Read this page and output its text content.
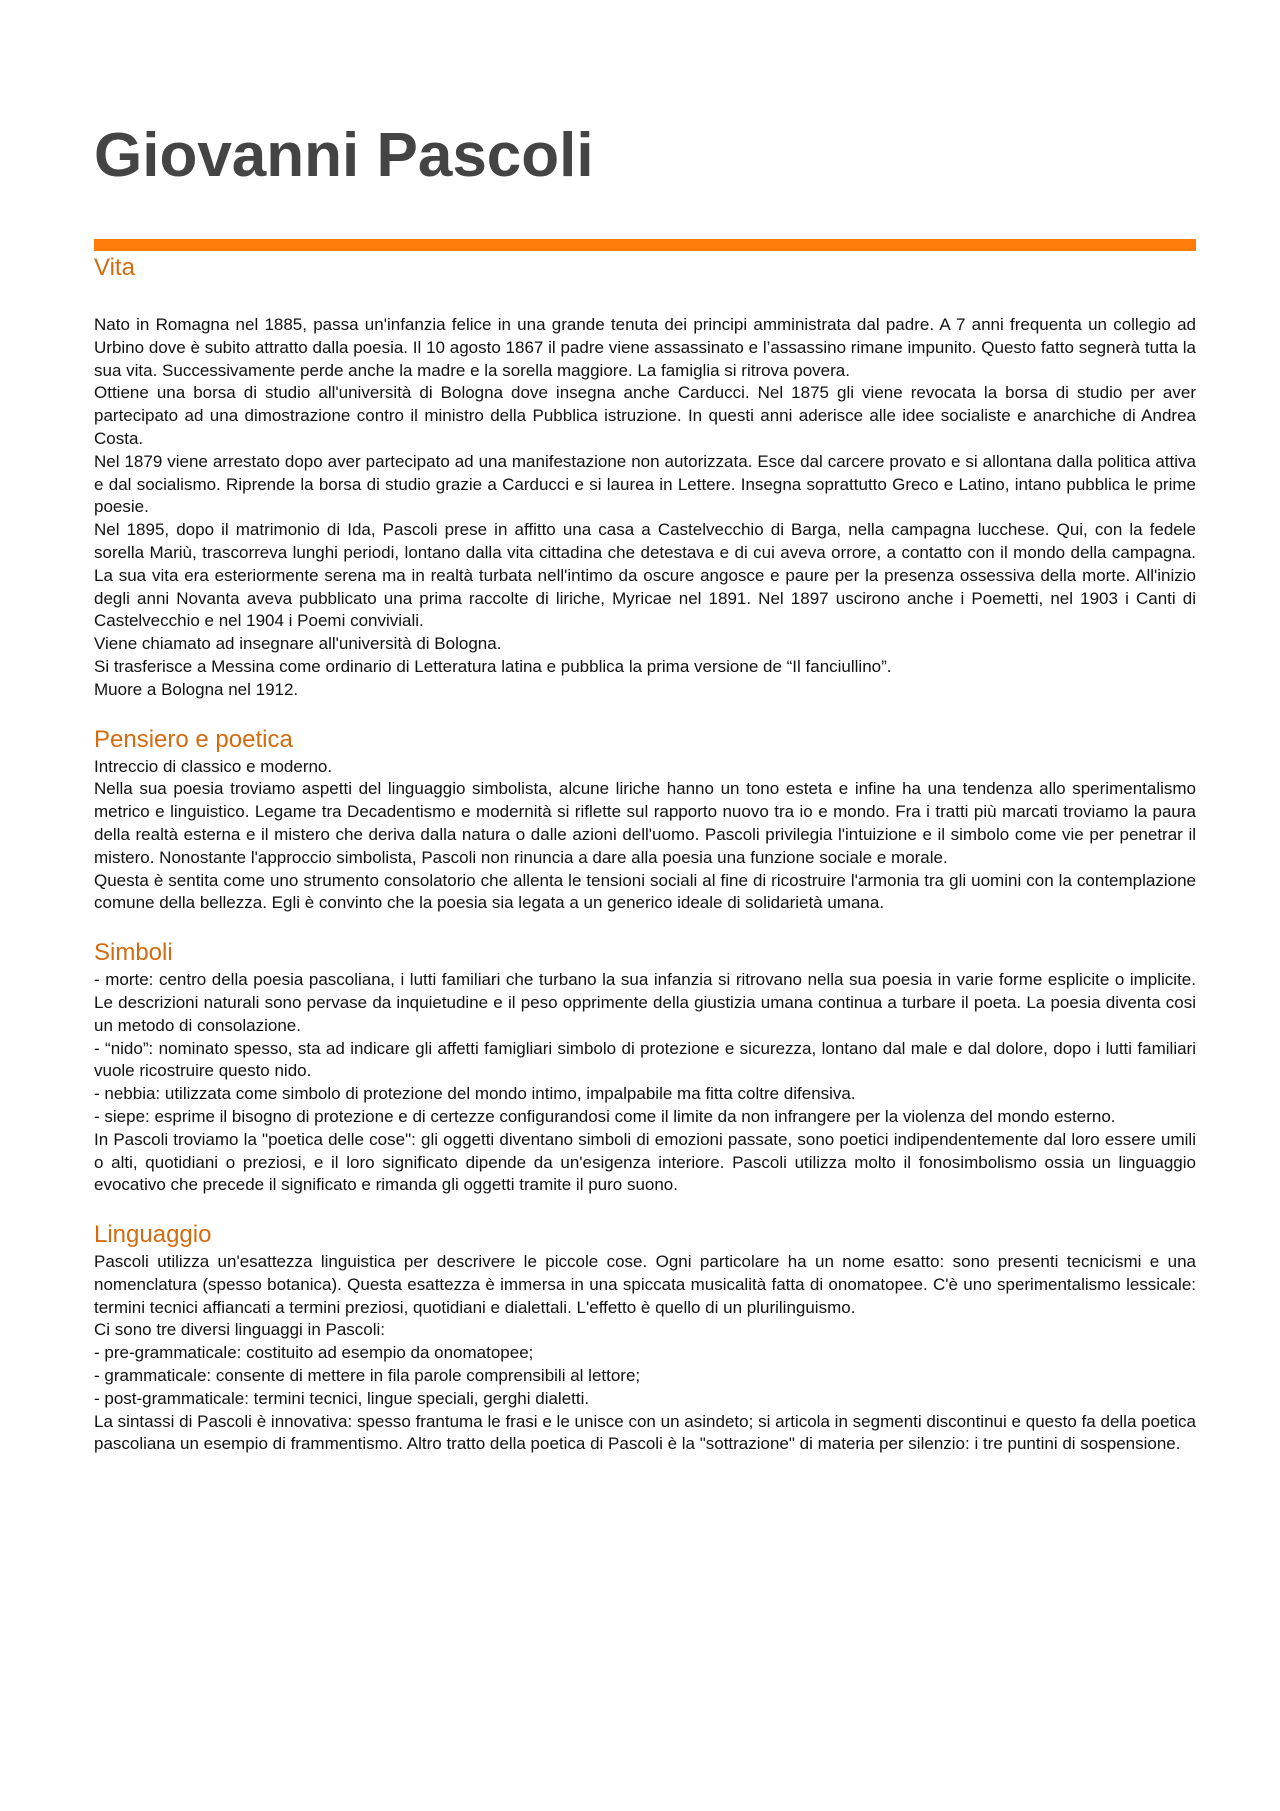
Giovanni Pascoli
Vita

Nato in Romagna nel 1885, passa un'infanzia felice in una grande tenuta dei principi amministrata dal padre. A 7 anni frequenta un collegio ad Urbino dove è subito attratto dalla poesia. Il 10 agosto 1867 il padre viene assassinato e l’assassino rimane impunito. Questo fatto segnerà tutta la sua vita. Successivamente perde anche la madre e la sorella maggiore. La famiglia si ritrova povera.

Ottiene una borsa di studio all'università di Bologna dove insegna anche Carducci. Nel 1875 gli viene revocata la borsa di studio per aver partecipato ad una dimostrazione contro il ministro della Pubblica istruzione. In questi anni aderisce alle idee socialiste e anarchiche di Andrea Costa.

Nel 1879 viene arrestato dopo aver partecipato ad una manifestazione non autorizzata. Esce dal carcere provato e si allontana dalla politica attiva e dal socialismo. Riprende la borsa di studio grazie a Carducci e si laurea in Lettere. Insegna soprattutto Greco e Latino, intano pubblica le prime poesie.

Nel 1895, dopo il matrimonio di Ida, Pascoli prese in affitto una casa a Castelvecchio di Barga, nella campagna lucchese. Qui, con la fedele sorella Mariù, trascorreva lunghi periodi, lontano dalla vita cittadina che detestava e di cui aveva orrore, a contatto con il mondo della campagna. La sua vita era esteriormente serena ma in realtà turbata nell'intimo da oscure angosce e paure per la presenza ossessiva della morte. All'inizio degli anni Novanta aveva pubblicato una prima raccolte di liriche, Myricae nel 1891. Nel 1897 uscirono anche i Poemetti, nel 1903 i Canti di Castelvecchio e nel 1904 i Poemi conviviali.

Viene chiamato ad insegnare all'università di Bologna.

Si trasferisce a Messina come ordinario di Letteratura latina e pubblica la prima versione de “Il fanciullino”.

Muore a Bologna nel 1912.

Pensiero e poetica

Intreccio di classico e moderno.

Nella sua poesia troviamo aspetti del linguaggio simbolista, alcune liriche hanno un tono esteta e infine ha una tendenza allo sperimentalismo metrico e linguistico. Legame tra Decadentismo e modernità si riflette sul rapporto nuovo tra io e mondo. Fra i tratti più marcati troviamo la paura della realtà esterna e il mistero che deriva dalla natura o dalle azioni dell'uomo. Pascoli privilegia l'intuizione e il simbolo come vie per penetrar il mistero. Nonostante l'approccio simbolista, Pascoli non rinuncia a dare alla poesia una funzione sociale e morale.

Questa è sentita come uno strumento consolatorio che allenta le tensioni sociali al fine di ricostruire l'armonia tra gli uomini con la contemplazione comune della bellezza. Egli è convinto che la poesia sia legata a un generico ideale di solidarietà umana.

Simboli

- morte: centro della poesia pascoliana, i lutti familiari che turbano la sua infanzia si ritrovano nella sua poesia in varie forme esplicite o implicite. Le descrizioni naturali sono pervase da inquietudine e il peso opprimente della giustizia umana continua a turbare il poeta. La poesia diventa cosi un metodo di consolazione.

- “nido”: nominato spesso, sta ad indicare gli affetti famigliari simbolo di protezione e sicurezza, lontano dal male e dal dolore, dopo i lutti familiari vuole ricostruire questo nido.

- nebbia: utilizzata come simbolo di protezione del mondo intimo, impalpabile ma fitta coltre difensiva.

- siepe: esprime il bisogno di protezione e di certezze configurandosi come il limite da non infrangere per la violenza del mondo esterno.

In Pascoli troviamo la "poetica delle cose": gli oggetti diventano simboli di emozioni passate, sono poetici indipendentemente dal loro essere umili o alti, quotidiani o preziosi, e il loro significato dipende da un'esigenza interiore. Pascoli utilizza molto il fonosimbolismo ossia un linguaggio evocativo che precede il significato e rimanda gli oggetti tramite il puro suono.

Linguaggio

Pascoli utilizza un'esattezza linguistica per descrivere le piccole cose. Ogni particolare ha un nome esatto: sono presenti tecnicismi e una nomenclatura (spesso botanica). Questa esattezza è immersa in una spiccata musicalità fatta di onomatopee. C'è uno sperimentalismo lessicale: termini tecnici affiancati a termini preziosi, quotidiani e dialettali. L'effetto è quello di un plurilinguismo.

Ci sono tre diversi linguaggi in Pascoli:

- pre-grammaticale: costituito ad esempio da onomatopee;

- grammaticale: consente di mettere in fila parole comprensibili al lettore;

- post-grammaticale: termini tecnici, lingue speciali, gerghi dialetti.

La sintassi di Pascoli è innovativa: spesso frantuma le frasi e le unisce con un asindeto; si articola in segmenti discontinui e questo fa della poetica pascoliana un esempio di frammentismo. Altro tratto della poetica di Pascoli è la "sottrazione" di materia per silenzio: i tre puntini di sospensione.
